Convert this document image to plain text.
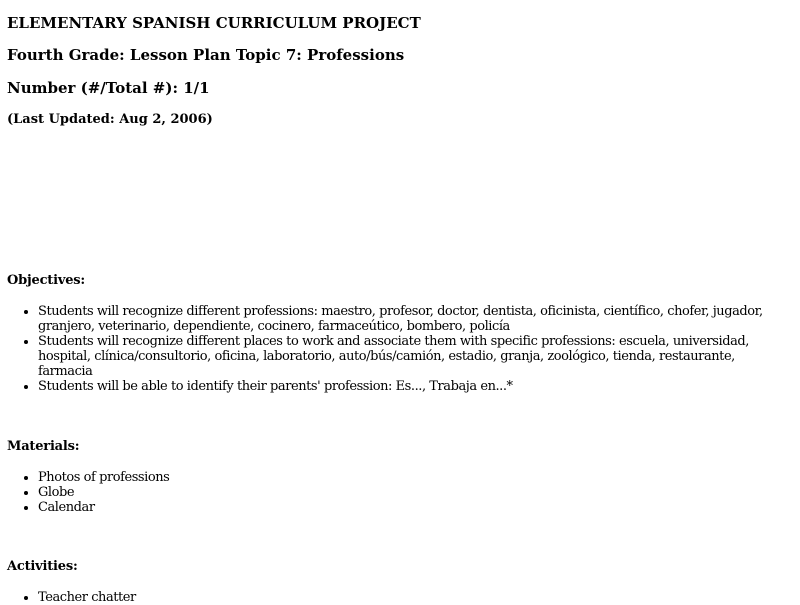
ELEMENTARY SPANISH CURRICULUM PROJECT
Fourth Grade: Lesson Plan Topic 7: Professions
Number (#/Total #): 1/1
(Last Updated: Aug 2, 2006)
Objectives:
• Students will recognize different professions: maestro, profesor, doctor, dentista, oficinista, científico, chofer, jugador, granjero, veterinario, dependiente, cocinero, farmaceútico, bombero, policía
• Students will recognize different places to work and associate them with specific professions: escuela, universidad, hospital, clínica/consultorio, oficina, laboratorio, auto/bús/camión, estadio, granja, zoológico, tienda, restaurante, farmacia
• Students will be able to identify their parents' profession: Es..., Trabaja en...*
Materials:
• Photos of professions
• Globe
• Calendar
Activities:
• Teacher chatter
